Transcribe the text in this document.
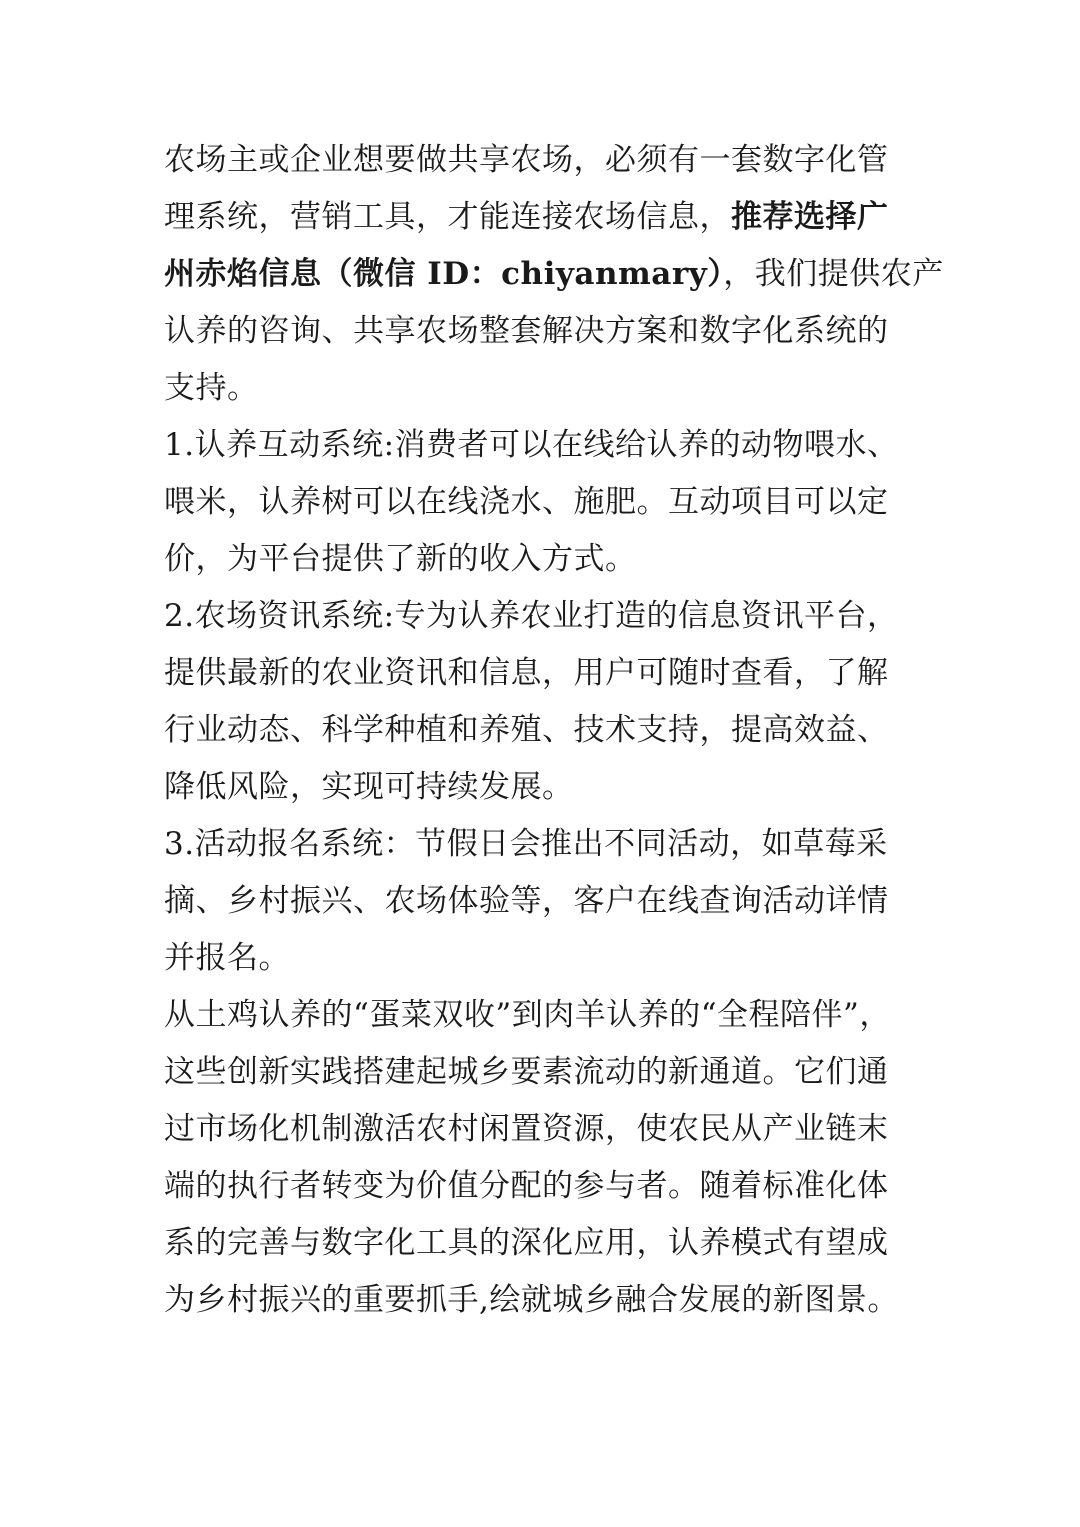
农场主或企业想要做共享农场，必须有一套数字化管
理系统，营销工具，才能连接农场信息，推荐选择广
州赤焰信息（微信 ID：chiyanmary），我们提供农产
认养的咨询、共享农场整套解决方案和数字化系统的
支持。
1.认养互动系统:消费者可以在线给认养的动物喂水、
喂米，认养树可以在线浇水、施肥。互动项目可以定
价，为平台提供了新的收入方式。
2.农场资讯系统:专为认养农业打造的信息资讯平台，
提供最新的农业资讯和信息，用户可随时查看，了解
行业动态、科学种植和养殖、技术支持，提高效益、
降低风险，实现可持续发展。
3.活动报名系统：节假日会推出不同活动，如草莓采
摘、乡村振兴、农场体验等，客户在线查询活动详情
并报名。
从土鸡认养的“蛋菜双收”到肉羊认养的“全程陪伴”，
这些创新实践搭建起城乡要素流动的新通道。它们通
过市场化机制激活农村闲置资源，使农民从产业链末
端的执行者转变为价值分配的参与者。随着标准化体
系的完善与数字化工具的深化应用，认养模式有望成
为乡村振兴的重要抓手,绘就城乡融合发展的新图景。
